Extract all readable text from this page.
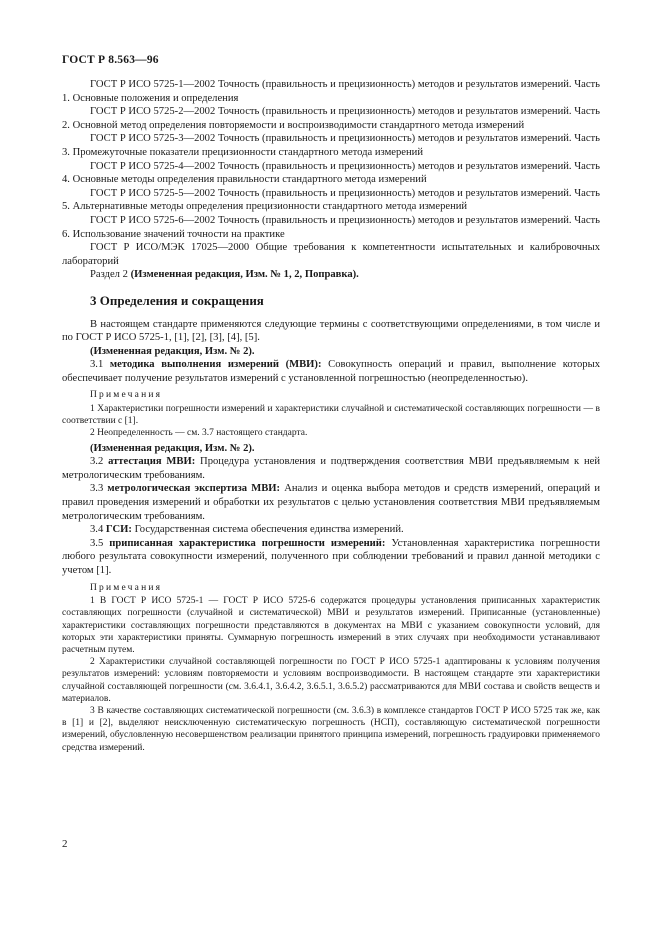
ГОСТ Р 8.563—96

ГОСТ Р ИСО 5725-1—2002 Точность (правильность и прецизионность) методов и результатов измерений. Часть 1. Основные положения и определения

ГОСТ Р ИСО 5725-2—2002 Точность (правильность и прецизионность) методов и результатов измерений. Часть 2. Основной метод определения повторяемости и воспроизводимости стандартного метода измерений

ГОСТ Р ИСО 5725-3—2002 Точность (правильность и прецизионность) методов и результатов измерений. Часть 3. Промежуточные показатели прецизионности стандартного метода измерений

ГОСТ Р ИСО 5725-4—2002 Точность (правильность и прецизионность) методов и результатов измерений. Часть 4. Основные методы определения правильности стандартного метода измерений

ГОСТ Р ИСО 5725-5—2002 Точность (правильность и прецизионность) методов и результатов измерений. Часть 5. Альтернативные методы определения прецизионности стандартного метода измерений

ГОСТ Р ИСО 5725-6—2002 Точность (правильность и прецизионность) методов и результатов измерений. Часть 6. Использование значений точности на практике

ГОСТ Р ИСО/МЭК 17025—2000 Общие требования к компетентности испытательных и калибровочных лабораторий

Раздел 2 (Измененная редакция, Изм. № 1, 2, Поправка).

3 Определения и сокращения

В настоящем стандарте применяются следующие термины с соответствующими определениями, в том числе и по ГОСТ Р ИСО 5725-1, [1], [2], [3], [4], [5].

(Измененная редакция, Изм. № 2).

3.1 методика выполнения измерений (МВИ): Совокупность операций и правил, выполнение которых обеспечивает получение результатов измерений с установленной погрешностью (неопределенностью).

Примечания

1 Характеристики погрешности измерений и характеристики случайной и систематической составляющих погрешности — в соответствии с [1].

2 Неопределенность — см. 3.7 настоящего стандарта.

(Измененная редакция, Изм. № 2).

3.2 аттестация МВИ: Процедура установления и подтверждения соответствия МВИ предъявляемым к ней метрологическим требованиям.

3.3 метрологическая экспертиза МВИ: Анализ и оценка выбора методов и средств измерений, операций и правил проведения измерений и обработки их результатов с целью установления соответствия МВИ предъявляемым метрологическим требованиям.

3.4 ГСИ: Государственная система обеспечения единства измерений.

3.5 приписанная характеристика погрешности измерений: Установленная характеристика погрешности любого результата совокупности измерений, полученного при соблюдении требований и правил данной методики с учетом [1].

Примечания

1 В ГОСТ Р ИСО 5725-1 — ГОСТ Р ИСО 5725-6 содержатся процедуры установления приписанных характеристик составляющих погрешности (случайной и систематической) МВИ и результатов измерений. Приписанные (установленные) характеристики составляющих погрешности представляются в документах на МВИ с указанием совокупности условий, для которых эти характеристики приняты. Суммарную погрешность измерений в этих случаях при необходимости устанавливают расчетным путем.

2 Характеристики случайной составляющей погрешности по ГОСТ Р ИСО 5725-1 адаптированы к условиям получения результатов измерений: условиям повторяемости и условиям воспроизводимости. В настоящем стандарте эти характеристики случайной составляющей погрешности (см. 3.6.4.1, 3.6.4.2, 3.6.5.1, 3.6.5.2) рассматриваются для МВИ состава и свойств веществ и материалов.

3 В качестве составляющих систематической погрешности (см. 3.6.3) в комплексе стандартов ГОСТ Р ИСО 5725 так же, как в [1] и [2], выделяют неисключенную систематическую погрешность (НСП), составляющую систематической погрешности измерений, обусловленную несовершенством реализации принятого принципа измерений, погрешность градуировки применяемого средства измерений.

2
